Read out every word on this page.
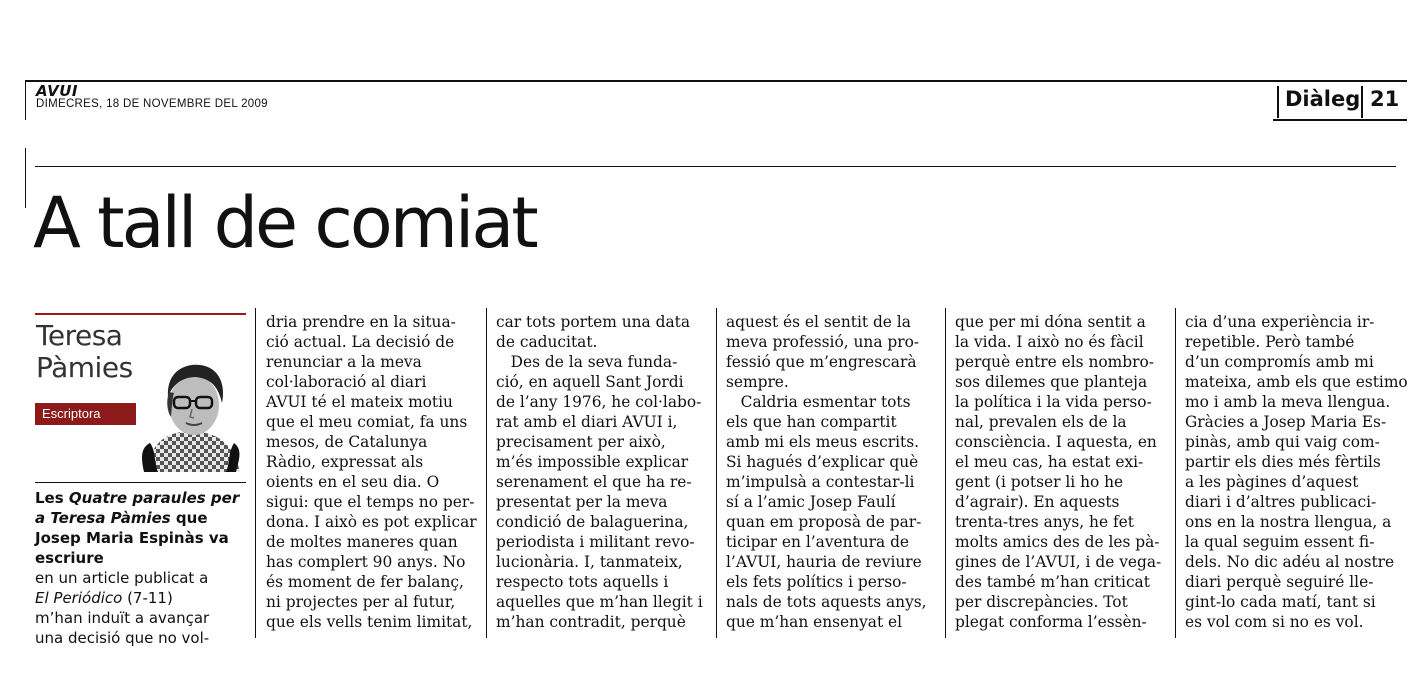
AVUI
DIMECRES, 18 DE NOVEMBRE DEL 2009	Diàleg 21
A tall de comiat
Teresa
Pàmies
Escriptora

Les Quatre paraules per a Teresa Pàmies que Josep Maria Espinàs va escriure

en un article publicat a

El Periódico (7-11)

m’han induït a avançar

una decisió que no vol-

dria prendre en la situa-

ció actual. La decisió de

renunciar a la meva

col·laboració al diari

AVUI té el mateix motiu

que el meu comiat, fa uns

mesos, de Catalunya

Ràdio, expressat als

oients en el seu dia. O

sigui: que el temps no per-

dona. I això es pot explicar

de moltes maneres quan

has complert 90 anys. No

és moment de fer balanç,

ni projectes per al futur,

que els vells tenim limitat,

car tots portem una data

de caducitat.

Des de la seva funda-

ció, en aquell Sant Jordi

de l’any 1976, he col·labo-

rat amb el diari AVUI i,

precisament per això,

m’és impossible explicar

serenament el que ha re-

presentat per la meva

condició de balaguerina,

periodista i militant revo-

lucionària. I, tanmateix,

respecto tots aquells i

aquelles que m’han llegit i

m’han contradit, perquè

aquest és el sentit de la

meva professió, una pro-

fessió que m’engrescarà

sempre.

Caldria esmentar tots

els que han compartit

amb mi els meus escrits.

Si hagués d’explicar què

m’impulsà a contestar-li

sí a l’amic Josep Faulí

quan em proposà de par-

ticipar en l’aventura de

l’AVUI, hauria de reviure

els fets polítics i perso-

nals de tots aquests anys,

que m’han ensenyat el

que per mi dóna sentit a

la vida. I això no és fàcil

perquè entre els nombro-

sos dilemes que planteja

la política i la vida perso-

nal, prevalen els de la

consciència. I aquesta, en

el meu cas, ha estat exi-

gent (i potser li ho he

d’agrair). En aquests

trenta-tres anys, he fet

molts amics des de les pà-

gines de l’AVUI, i de vega-

des també m’han criticat

per discrepàncies. Tot

plegat conforma l’essèn-

cia d’una experiència ir-

repetible. Però també

d’un compromís amb mi

mateixa, amb els que estimo

mo i amb la meva llengua.

Gràcies a Josep Maria Es-

pinàs, amb qui vaig com-

partir els dies més fèrtils

a les pàgines d’aquest

diari i d’altres publicaci-

ons en la nostra llengua, a

la qual seguim essent fi-

dels. No dic adéu al nostre

diari perquè seguiré lle-

gint-lo cada matí, tant si

es vol com si no es vol.
